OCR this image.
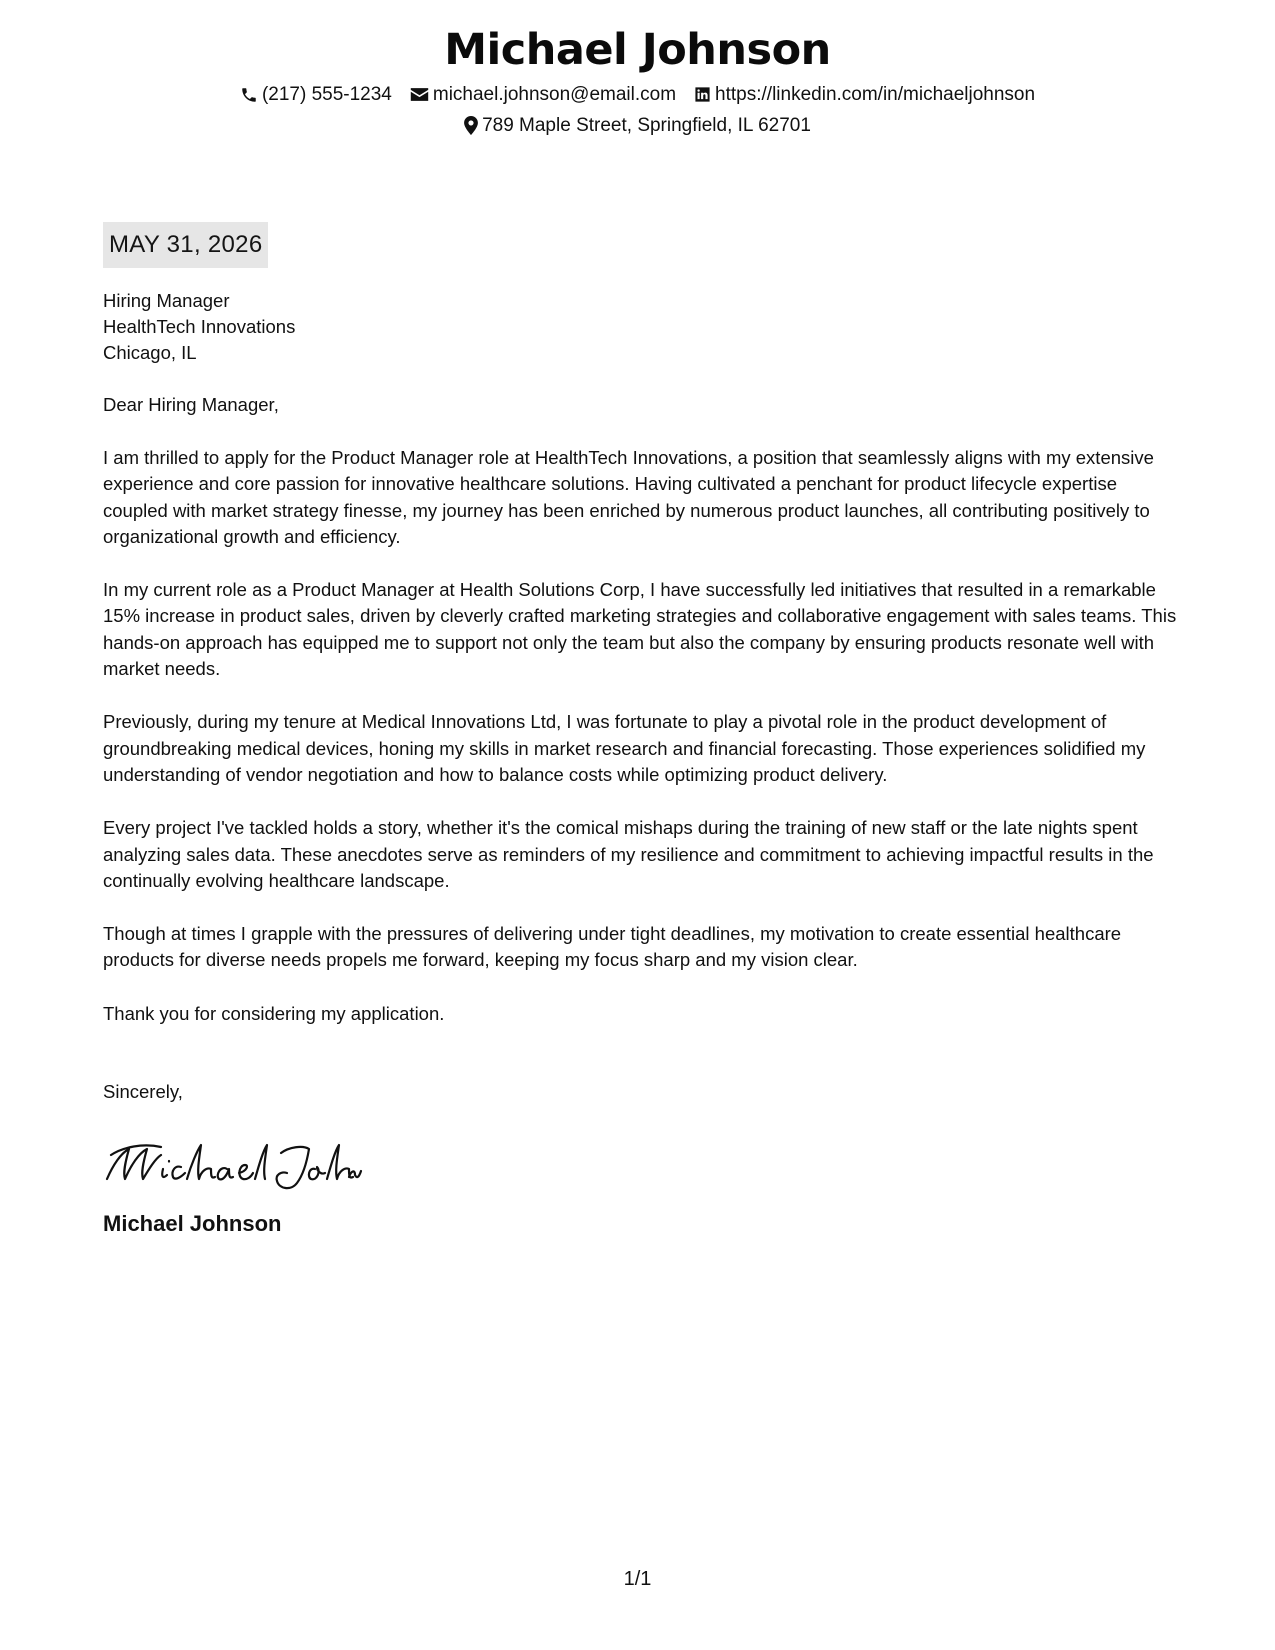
Michael Johnson
(217) 555-1234 michael.johnson@email.com https://linkedin.com/in/michaeljohnson
789 Maple Street, Springfield, IL 62701
MAY 31, 2026
Hiring Manager
HealthTech Innovations
Chicago, IL
Dear Hiring Manager,
I am thrilled to apply for the Product Manager role at HealthTech Innovations, a position that seamlessly aligns with my extensive experience and core passion for innovative healthcare solutions. Having cultivated a penchant for product lifecycle expertise coupled with market strategy finesse, my journey has been enriched by numerous product launches, all contributing positively to organizational growth and efficiency.
In my current role as a Product Manager at Health Solutions Corp, I have successfully led initiatives that resulted in a remarkable 15% increase in product sales, driven by cleverly crafted marketing strategies and collaborative engagement with sales teams. This hands-on approach has equipped me to support not only the team but also the company by ensuring products resonate well with market needs.
Previously, during my tenure at Medical Innovations Ltd, I was fortunate to play a pivotal role in the product development of groundbreaking medical devices, honing my skills in market research and financial forecasting. Those experiences solidified my understanding of vendor negotiation and how to balance costs while optimizing product delivery.
Every project I've tackled holds a story, whether it's the comical mishaps during the training of new staff or the late nights spent analyzing sales data. These anecdotes serve as reminders of my resilience and commitment to achieving impactful results in the continually evolving healthcare landscape.
Though at times I grapple with the pressures of delivering under tight deadlines, my motivation to create essential healthcare products for diverse needs propels me forward, keeping my focus sharp and my vision clear.
Thank you for considering my application.
Sincerely,
Michael Johnson
1/1
